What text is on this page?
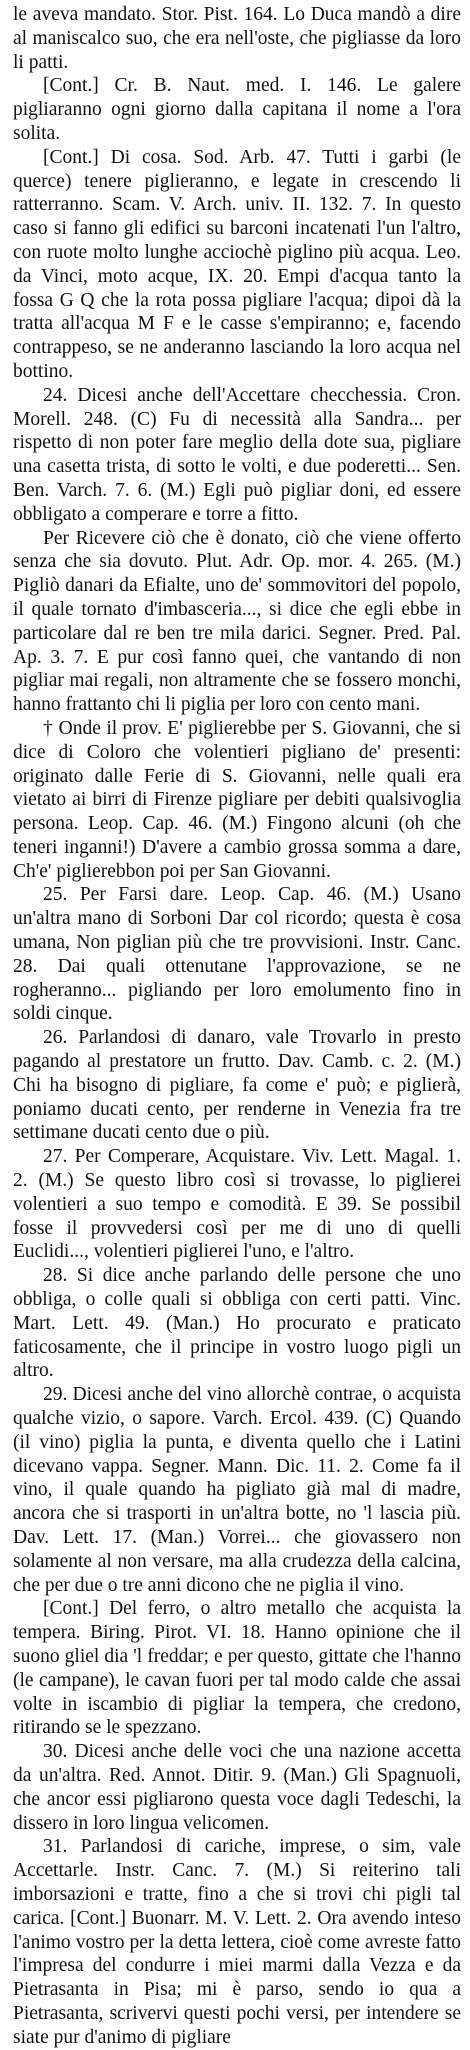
le aveva mandato. Stor. Pist. 164. Lo Duca mandò a dire al maniscalco suo, che era nell'oste, che pigliasse da loro li patti.

[Cont.] Cr. B. Naut. med. I. 146. Le galere pigliaranno ogni giorno dalla capitana il nome a l'ora solita.

[Cont.] Di cosa. Sod. Arb. 47. Tutti i garbi (le querce) tenere piglieranno, e legate in crescendo li ratterranno. Scam. V. Arch. univ. II. 132. 7. In questo caso si fanno gli edifici su barconi incatenati l'un l'altro, con ruote molto lunghe acciochè piglino più acqua. Leo. da Vinci, moto acque, IX. 20. Empi d'acqua tanto la fossa G Q che la rota possa pigliare l'acqua; dipoi dà la tratta all'acqua M F e le casse s'empiranno; e, facendo contrappeso, se ne anderanno lasciando la loro acqua nel bottino.

24. Dicesi anche dell'Accettare checchessia. Cron. Morell. 248. (C) Fu di necessità alla Sandra... per rispetto di non poter fare meglio della dote sua, pigliare una casetta trista, di sotto le volti, e due poderetti... Sen. Ben. Varch. 7. 6. (M.) Egli può pigliar doni, ed essere obbligato a comperare e torre a fitto.

Per Ricevere ciò che è donato, ciò che viene offerto senza che sia dovuto. Plut. Adr. Op. mor. 4. 265. (M.) Pigliò danari da Efialte, uno de' sommovitori del popolo, il quale tornato d'imbasceria..., si dice che egli ebbe in particolare dal re ben tre mila darici. Segner. Pred. Pal. Ap. 3. 7. E pur così fanno quei, che vantando di non pigliar mai regali, non altramente che se fossero monchi, hanno frattanto chi li piglia per loro con cento mani.

† Onde il prov. E' piglierebbe per S. Giovanni, che si dice di Coloro che volentieri pigliano de' presenti: originato dalle Ferie di S. Giovanni, nelle quali era vietato ai birri di Firenze pigliare per debiti qualsivoglia persona. Leop. Cap. 46. (M.) Fingono alcuni (oh che teneri inganni!) D'avere a cambio grossa somma a dare, Ch'e' piglierebbon poi per San Giovanni.

25. Per Farsi dare. Leop. Cap. 46. (M.) Usano un'altra mano di Sorboni Dar col ricordo; questa è cosa umana, Non piglian più che tre provvisioni. Instr. Canc. 28. Dai quali ottenutane l'approvazione, se ne rogheranno... pigliando per loro emolumento fino in soldi cinque.

26. Parlandosi di danaro, vale Trovarlo in presto pagando al prestatore un frutto. Dav. Camb. c. 2. (M.) Chi ha bisogno di pigliare, fa come e' può; e piglierà, poniamo ducati cento, per renderne in Venezia fra tre settimane ducati cento due o più.

27. Per Comperare, Acquistare. Viv. Lett. Magal. 1. 2. (M.) Se questo libro così si trovasse, lo piglierei volentieri a suo tempo e comodità. E 39. Se possibil fosse il provvedersi così per me di uno di quelli Euclidi..., volentieri piglierei l'uno, e l'altro.

28. Si dice anche parlando delle persone che uno obbliga, o colle quali si obbliga con certi patti. Vinc. Mart. Lett. 49. (Man.) Ho procurato e praticato faticosamente, che il principe in vostro luogo pigli un altro.

29. Dicesi anche del vino allorchè contrae, o acquista qualche vizio, o sapore. Varch. Ercol. 439. (C) Quando (il vino) piglia la punta, e diventa quello che i Latini dicevano vappa. Segner. Mann. Dic. 11. 2. Come fa il vino, il quale quando ha pigliato già mal di madre, ancora che si trasporti in un'altra botte, no 'l lascia più. Dav. Lett. 17. (Man.) Vorrei... che giovassero non solamente al non versare, ma alla crudezza della calcina, che per due o tre anni dicono che ne piglia il vino.

[Cont.] Del ferro, o altro metallo che acquista la tempera. Biring. Pirot. VI. 18. Hanno opinione che il suono gliel dia 'l freddar; e per questo, gittate che l'hanno (le campane), le cavan fuori per tal modo calde che assai volte in iscambio di pigliar la tempera, che credono, ritirando se le spezzano.

30. Dicesi anche delle voci che una nazione accetta da un'altra. Red. Annot. Ditir. 9. (Man.) Gli Spagnuoli, che ancor essi pigliarono questa voce dagli Tedeschi, la dissero in loro lingua velicomen.

31. Parlandosi di cariche, imprese, o sim, vale Accettarle. Instr. Canc. 7. (M.) Si reiterino tali imborsazioni e tratte, fino a che si trovi chi pigli tal carica. [Cont.] Buonarr. M. V. Lett. 2. Ora avendo inteso l'animo vostro per la detta lettera, cioè come avreste fatto l'impresa del condurre i miei marmi dalla Vezza e da Pietrasanta in Pisa; mi è parso, sendo io qua a Pietrasanta, scrivervi questi pochi versi, per intendere se siate pur d'animo di pigliare
